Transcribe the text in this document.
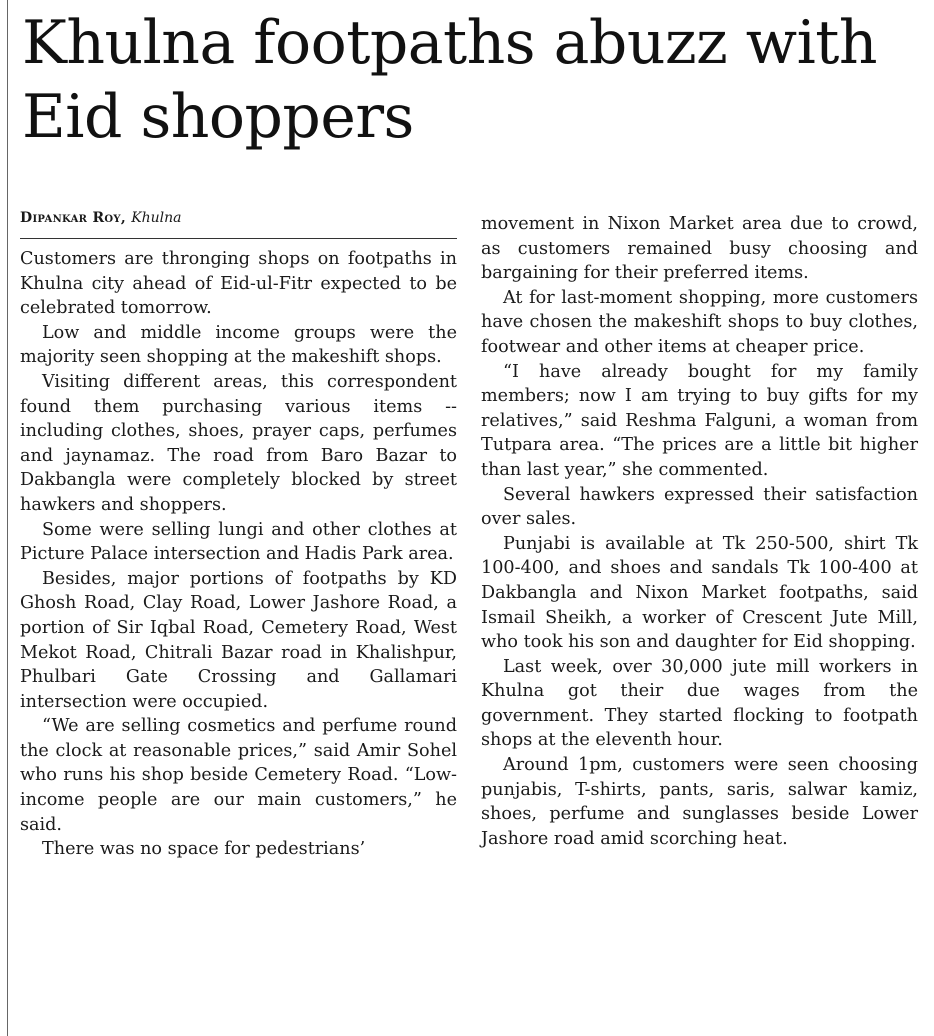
Khulna footpaths abuzz with Eid shoppers
Dipankar Roy, Khulna

Customers are thronging shops on footpaths in Khulna city ahead of Eid-ul-Fitr expected to be celebrated tomorrow.

Low and middle income groups were the majority seen shopping at the makeshift shops.

Visiting different areas, this correspondent found them purchasing various items -- including clothes, shoes, prayer caps, perfumes and jaynamaz. The road from Baro Bazar to Dakbangla were completely blocked by street hawkers and shoppers.

Some were selling lungi and other clothes at Picture Palace intersection and Hadis Park area.

Besides, major portions of footpaths by KD Ghosh Road, Clay Road, Lower Jashore Road, a portion of Sir Iqbal Road, Cemetery Road, West Mekot Road, Chitrali Bazar road in Khalishpur, Phulbari Gate Crossing and Gallamari intersection were occupied.

“We are selling cosmetics and perfume round the clock at reasonable prices,” said Amir Sohel who runs his shop beside Cemetery Road. “Low-income people are our main customers,” he said.

There was no space for pedestrians’

movement in Nixon Market area due to crowd, as customers remained busy choosing and bargaining for their preferred items.

At for last-moment shopping, more customers have chosen the makeshift shops to buy clothes, footwear and other items at cheaper price.

“I have already bought for my family members; now I am trying to buy gifts for my relatives,” said Reshma Falguni, a woman from Tutpara area. “The prices are a little bit higher than last year,” she commented.

Several hawkers expressed their satisfaction over sales.

Punjabi is available at Tk 250-500, shirt Tk 100-400, and shoes and sandals Tk 100-400 at Dakbangla and Nixon Market footpaths, said Ismail Sheikh, a worker of Crescent Jute Mill, who took his son and daughter for Eid shopping.

Last week, over 30,000 jute mill workers in Khulna got their due wages from the government. They started flocking to footpath shops at the eleventh hour.

Around 1pm, customers were seen choosing punjabis, T-shirts, pants, saris, salwar kamiz, shoes, perfume and sunglasses beside Lower Jashore road amid scorching heat.
